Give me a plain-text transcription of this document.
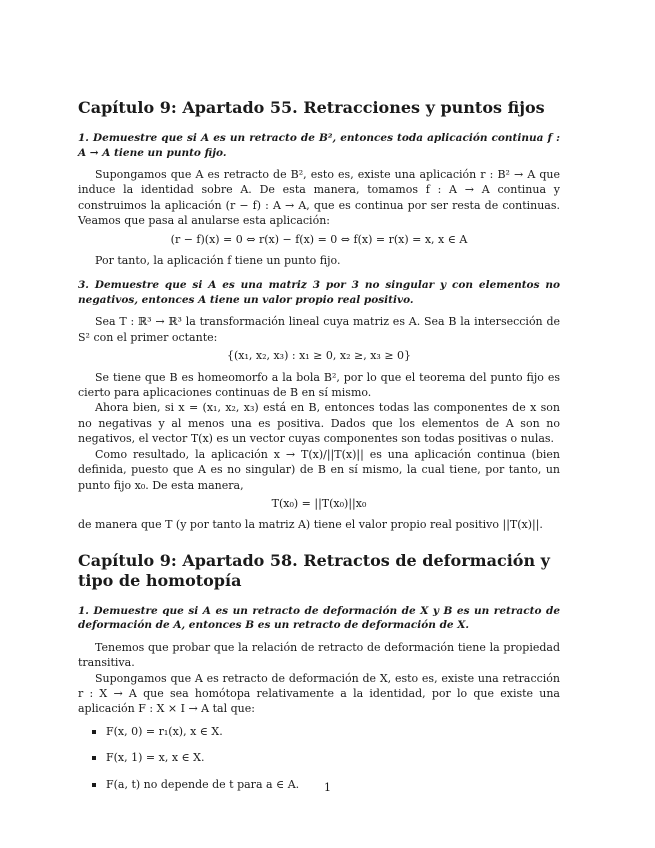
Capítulo 9: Apartado 55. Retracciones y puntos fijos

1. Demuestre que si A es un retracto de B², entonces toda aplicación continua f : A → A tiene un punto fijo.

Supongamos que A es retracto de B², esto es, existe una aplicación r : B² → A que induce la identidad sobre A. De esta manera, tomamos f : A → A continua y construimos la aplicación (r − f) : A → A, que es continua por ser resta de continuas. Veamos que pasa al anularse esta aplicación:

(r − f)(x) = 0 ⇔ r(x) − f(x) = 0 ⇔ f(x) = r(x) = x, x ∈ A

Por tanto, la aplicación f tiene un punto fijo.

3. Demuestre que si A es una matriz 3 por 3 no singular y con elementos no negativos, entonces A tiene un valor propio real positivo.

Sea T : ℝ³ → ℝ³ la transformación lineal cuya matriz es A. Sea B la intersección de S² con el primer octante:

{(x₁, x₂, x₃) : x₁ ≥ 0, x₂ ≥, x₃ ≥ 0}

Se tiene que B es homeomorfo a la bola B², por lo que el teorema del punto fijo es cierto para aplicaciones continuas de B en sí mismo.

Ahora bien, si x = (x₁, x₂, x₃) está en B, entonces todas las componentes de x son no negativas y al menos una es positiva. Dados que los elementos de A son no negativos, el vector T(x) es un vector cuyas componentes son todas positivas o nulas.

Como resultado, la aplicación x → T(x)/||T(x)|| es una aplicación continua (bien definida, puesto que A es no singular) de B en sí mismo, la cual tiene, por tanto, un punto fijo x₀. De esta manera,

T(x₀) = ||T(x₀)||x₀

de manera que T (y por tanto la matriz A) tiene el valor propio real positivo ||T(x)||.

Capítulo 9: Apartado 58. Retractos de deformación y tipo de homotopía

1. Demuestre que si A es un retracto de deformación de X y B es un retracto de deformación de A, entonces B es un retracto de deformación de X.

Tenemos que probar que la relación de retracto de deformación tiene la propiedad transitiva.

Supongamos que A es retracto de deformación de X, esto es, existe una retracción r : X → A que sea homótopa relativamente a la identidad, por lo que existe una aplicación F : X × I → A tal que:

F(x, 0) = r₁(x), x ∈ X.
F(x, 1) = x, x ∈ X.
F(a, t) no depende de t para a ∈ A.	1
